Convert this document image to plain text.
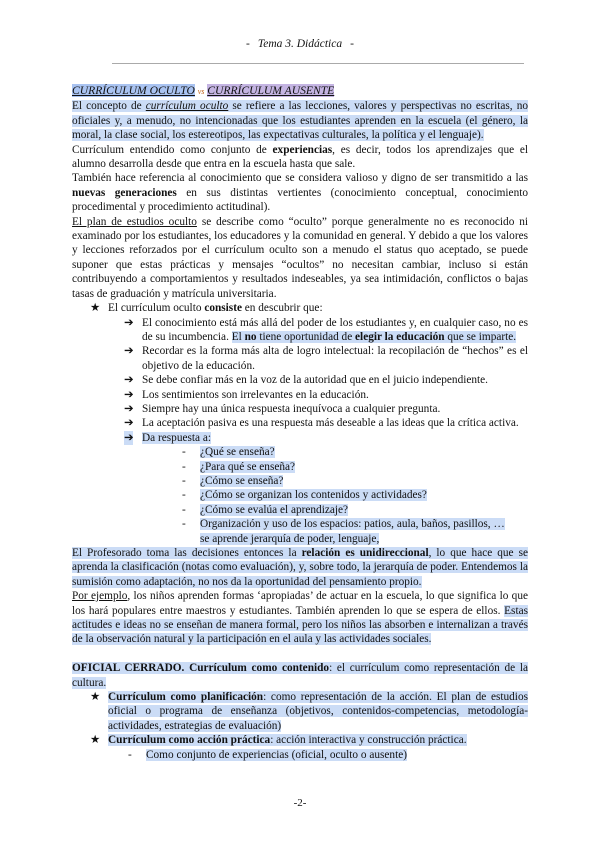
- Tema 3. Didáctica -

CURRÍCULUM OCULTO vs CURRÍCULUM AUSENTE

El concepto de currículum oculto se refiere a las lecciones, valores y perspectivas no escritas, no oficiales y, a menudo, no intencionadas que los estudiantes aprenden en la escuela (el género, la moral, la clase social, los estereotipos, las expectativas culturales, la política y el lenguaje).

Currículum entendido como conjunto de experiencias, es decir, todos los aprendizajes que el alumno desarrolla desde que entra en la escuela hasta que sale.

También hace referencia al conocimiento que se considera valioso y digno de ser transmitido a las nuevas generaciones en sus distintas vertientes (conocimiento conceptual, conocimiento procedimental y procedimiento actitudinal).

El plan de estudios oculto se describe como “oculto” porque generalmente no es reconocido ni examinado por los estudiantes, los educadores y la comunidad en general. Y debido a que los valores y lecciones reforzados por el currículum oculto son a menudo el status quo aceptado, se puede suponer que estas prácticas y mensajes “ocultos” no necesitan cambiar, incluso si están contribuyendo a comportamientos y resultados indeseables, ya sea intimidación, conflictos o bajas tasas de graduación y matrícula universitaria.

★ El currículum oculto consiste en descubrir que:
➔ El conocimiento está más allá del poder de los estudiantes y, en cualquier caso, no es de su incumbencia. El no tiene oportunidad de elegir la educación que se imparte.
➔ Recordar es la forma más alta de logro intelectual: la recopilación de “hechos” es el objetivo de la educación.
➔ Se debe confiar más en la voz de la autoridad que en el juicio independiente.
➔ Los sentimientos son irrelevantes en la educación.
➔ Siempre hay una única respuesta inequívoca a cualquier pregunta.
➔ La aceptación pasiva es una respuesta más deseable a las ideas que la crítica activa.
➔ Da respuesta a:
- ¿Qué se enseña?
- ¿Para qué se enseña?
- ¿Cómo se enseña?
- ¿Cómo se organizan los contenidos y actividades?
- ¿Cómo se evalúa el aprendizaje?
- Organización y uso de los espacios: patios, aula, baños, pasillos, …
se aprende jerarquía de poder, lenguaje,

El Profesorado toma las decisiones entonces la relación es unidireccional, lo que hace que se aprenda la clasificación (notas como evaluación), y, sobre todo, la jerarquía de poder. Entendemos la sumisión como adaptación, no nos da la oportunidad del pensamiento propio.

Por ejemplo, los niños aprenden formas ‘apropiadas’ de actuar en la escuela, lo que significa lo que los hará populares entre maestros y estudiantes. También aprenden lo que se espera de ellos. Estas actitudes e ideas no se enseñan de manera formal, pero los niños las absorben e internalizan a través de la observación natural y la participación en el aula y las actividades sociales.

OFICIAL CERRADO. Currículum como contenido: el currículum como representación de la cultura.

★ Currículum como planificación: como representación de la acción. El plan de estudios oficial o programa de enseñanza (objetivos, contenidos-competencias, metodología-actividades, estrategias de evaluación)
★ Currículum como acción práctica: acción interactiva y construcción práctica.
- Como conjunto de experiencias (oficial, oculto o ausente)
-2-
